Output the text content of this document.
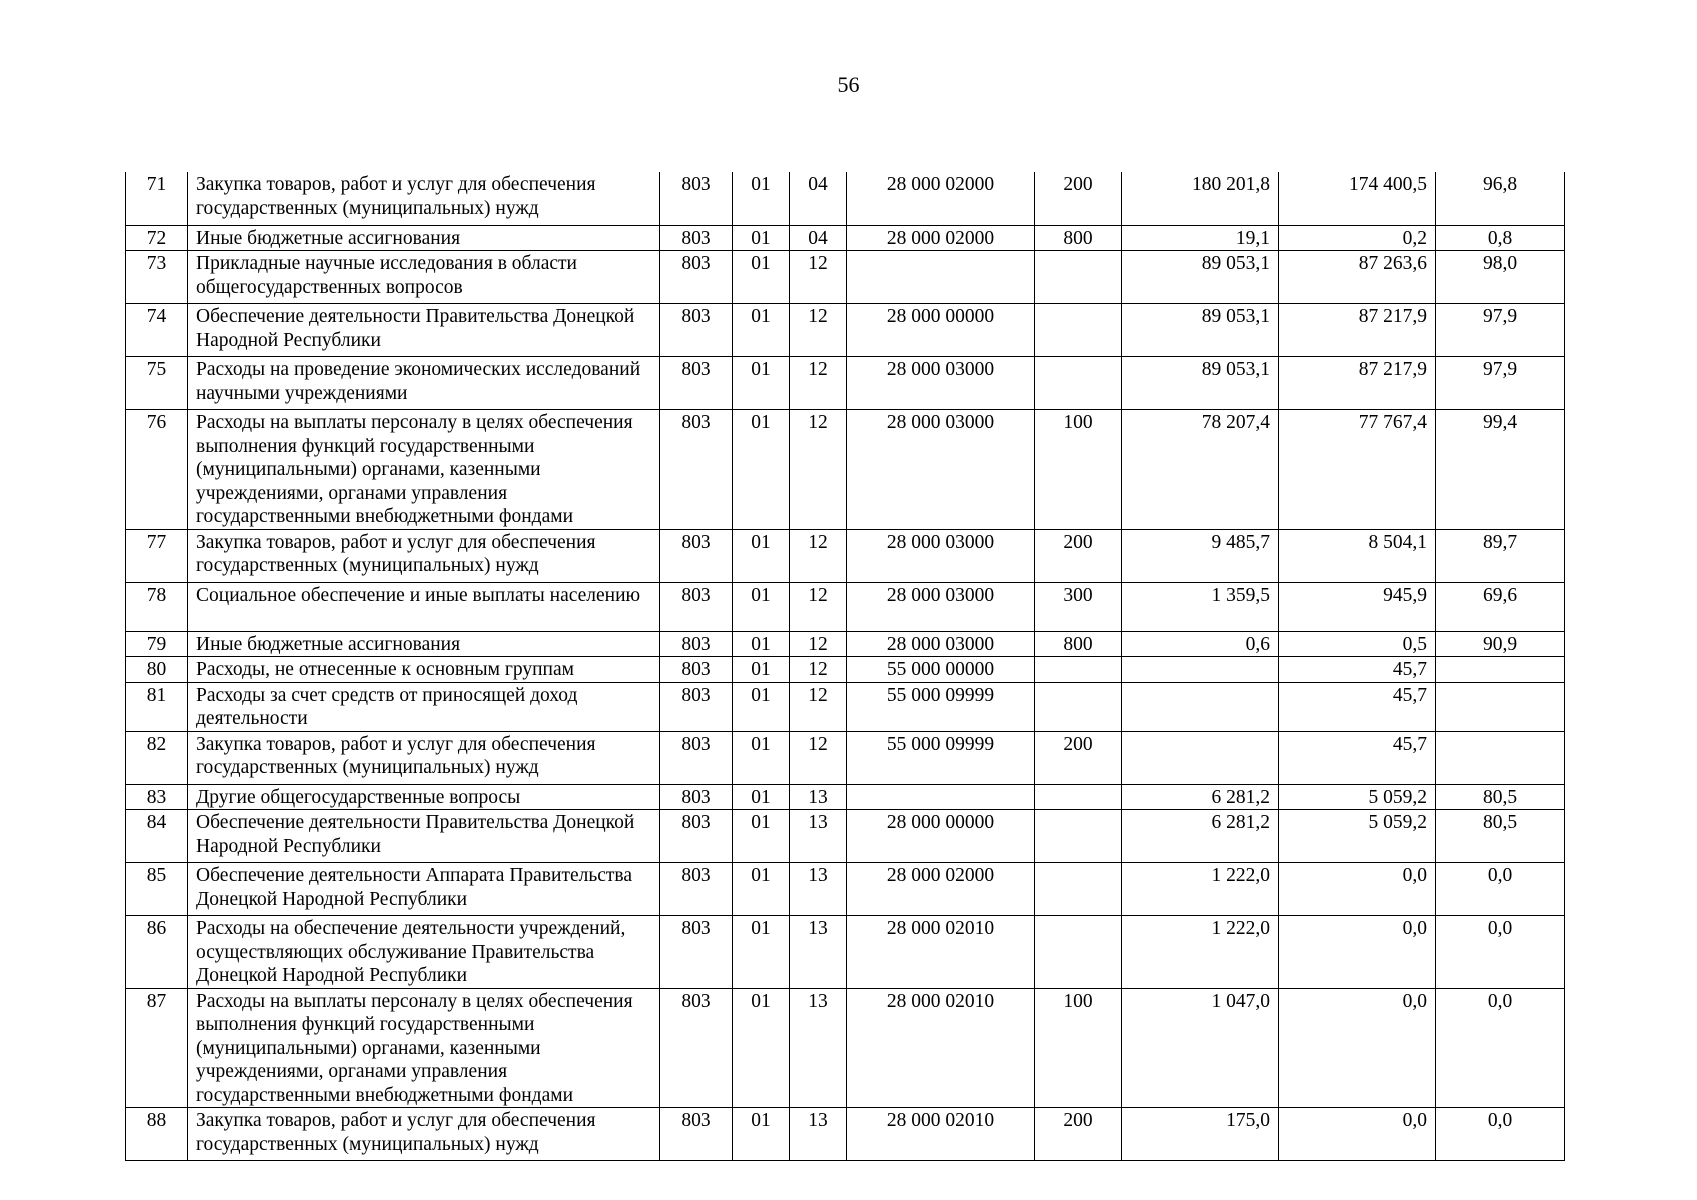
56
71	Закупка товаров, работ и услуг для обеспечения государственных (муниципальных) нужд	803	01	04	28 000 02000	200	180 201,8	174 400,5	96,8
72	Иные бюджетные ассигнования	803	01	04	28 000 02000	800	19,1	0,2	0,8
73	Прикладные научные исследования в области общегосударственных вопросов	803	01	12			89 053,1	87 263,6	98,0
74	Обеспечение деятельности Правительства Донецкой Народной Республики	803	01	12	28 000 00000		89 053,1	87 217,9	97,9
75	Расходы на проведение экономических исследований научными учреждениями	803	01	12	28 000 03000		89 053,1	87 217,9	97,9
76	Расходы на выплаты персоналу в целях обеспечения выполнения функций государственными (муниципальными) органами, казенными учреждениями, органами управления государственными внебюджетными фондами	803	01	12	28 000 03000	100	78 207,4	77 767,4	99,4
77	Закупка товаров, работ и услуг для обеспечения государственных (муниципальных) нужд	803	01	12	28 000 03000	200	9 485,7	8 504,1	89,7
78	Социальное обеспечение и иные выплаты населению	803	01	12	28 000 03000	300	1 359,5	945,9	69,6
79	Иные бюджетные ассигнования	803	01	12	28 000 03000	800	0,6	0,5	90,9
80	Расходы, не отнесенные к основным группам	803	01	12	55 000 00000			45,7	
81	Расходы за счет средств от приносящей доход деятельности	803	01	12	55 000 09999			45,7	
82	Закупка товаров, работ и услуг для обеспечения государственных (муниципальных) нужд	803	01	12	55 000 09999	200		45,7	
83	Другие общегосударственные вопросы	803	01	13			6 281,2	5 059,2	80,5
84	Обеспечение деятельности Правительства Донецкой Народной Республики	803	01	13	28 000 00000		6 281,2	5 059,2	80,5
85	Обеспечение деятельности Аппарата Правительства Донецкой Народной Республики	803	01	13	28 000 02000		1 222,0	0,0	0,0
86	Расходы на обеспечение деятельности учреждений, осуществляющих обслуживание Правительства Донецкой Народной Республики	803	01	13	28 000 02010		1 222,0	0,0	0,0
87	Расходы на выплаты персоналу в целях обеспечения выполнения функций государственными (муниципальными) органами, казенными учреждениями, органами управления государственными внебюджетными фондами	803	01	13	28 000 02010	100	1 047,0	0,0	0,0
88	Закупка товаров, работ и услуг для обеспечения государственных (муниципальных) нужд	803	01	13	28 000 02010	200	175,0	0,0	0,0
